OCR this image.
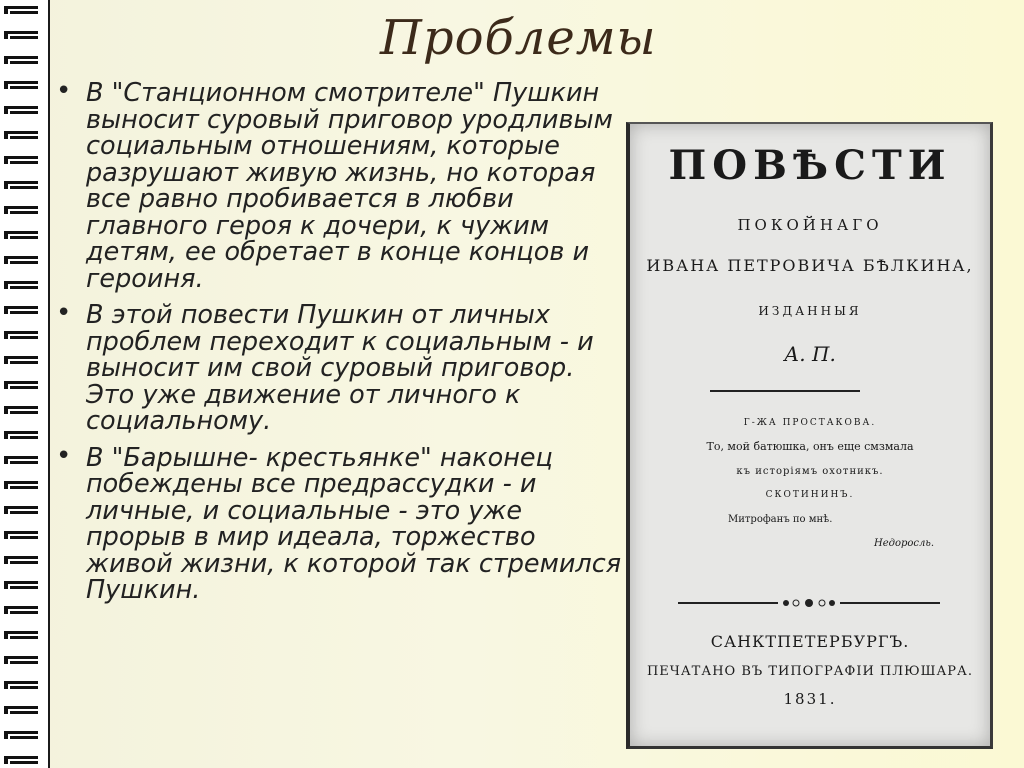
Проблемы
• В "Станционном смотрителе" Пушкин выносит суровый приговор уродливым социальным отношениям, которые разрушают живую жизнь, но которая все равно пробивается в любви главного героя к дочери, к чужим детям, ее обретает в конце концов и героиня.
• В этой повести Пушкин от личных проблем переходит к социальным - и выносит им свой суровый приговор. Это уже движение от личного к социальному.
• В "Барышне- крестьянке" наконец побеждены все предрассудки - и личные, и социальные - это уже прорыв в мир идеала, торжество живой жизни, к которой так стремился Пушкин.
ПОВѢСТИ
ПОКОЙНАГО
ИВАНА ПЕТРОВИЧА БѢЛКИНА,
ИЗДАННЫЯ
А. П.
Г-ЖА ПРОСТАКОВА.
То, мой батюшка, онъ еще смзмала
къ исторіямъ охотникъ.
СКОТИНИНЪ.
Митрофанъ по мнѣ.
Недоросль.
САНКТПЕТЕРБУРГЪ.
ПЕЧАТАНО ВЪ ТИПОГРАФІИ ПЛЮШАРА.
1831.
